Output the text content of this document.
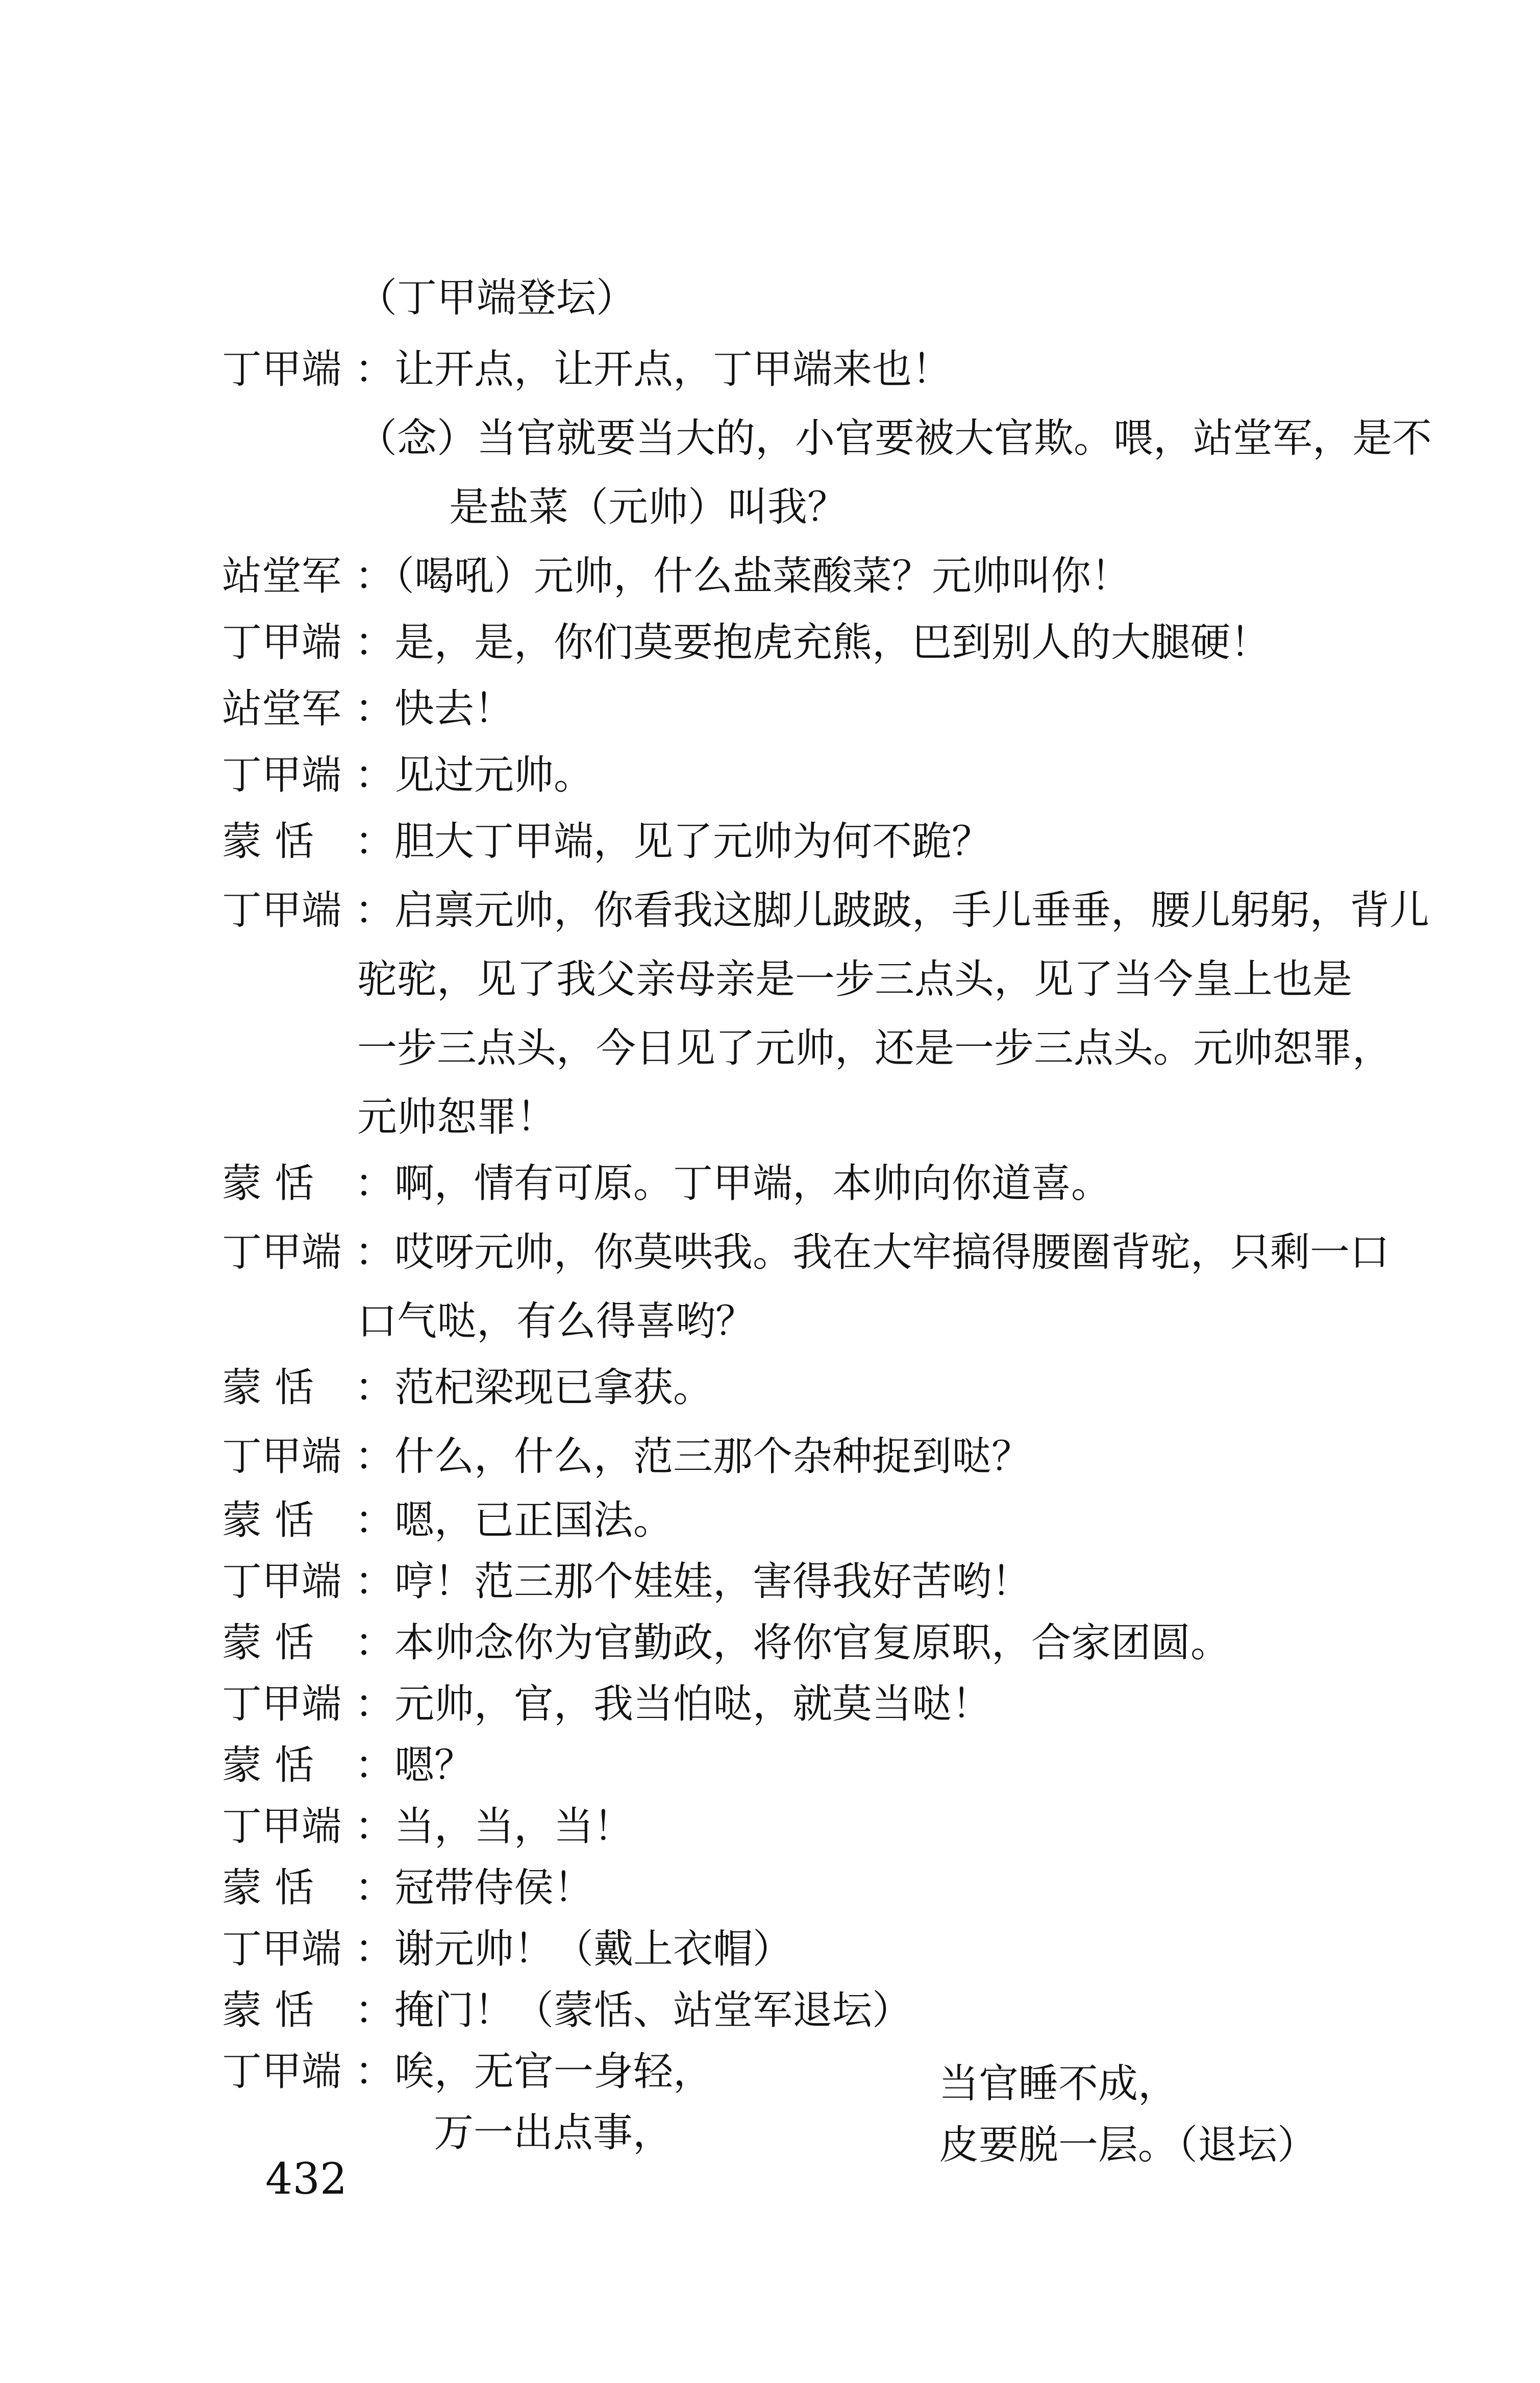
（丁甲端登坛）
丁甲端 ：让开点，让开点，丁甲端来也！
（念）当官就要当大的，小官要被大官欺。喂，站堂军，是不
是盐菜（元帅）叫我？
站堂军 ：（喝吼）元帅，什么盐菜酸菜？元帅叫你！
丁甲端 ：是，是，你们莫要抱虎充熊，巴到别人的大腿硬！
站堂军 ：快去！
丁甲端 ：见过元帅。
蒙 恬 ：胆大丁甲端，见了元帅为何不跪？
丁甲端 ：启禀元帅，你看我这脚儿跛跛，手儿垂垂，腰儿躬躬，背儿
驼驼，见了我父亲母亲是一步三点头，见了当今皇上也是
一步三点头，今日见了元帅，还是一步三点头。元帅恕罪，
元帅恕罪！
蒙 恬 ：啊，情有可原。丁甲端，本帅向你道喜。
丁甲端 ：哎呀元帅，你莫哄我。我在大牢搞得腰圈背驼，只剩一口
口气哒，有么得喜哟？
蒙 恬 ：范杞梁现已拿获。
丁甲端 ：什么，什么，范三那个杂种捉到哒？
蒙 恬 ：嗯，已正国法。
丁甲端 ：哼！范三那个娃娃，害得我好苦哟！
蒙 恬 ：本帅念你为官勤政，将你官复原职，合家团圆。
丁甲端 ：元帅，官，我当怕哒，就莫当哒！
蒙 恬 ：嗯？
丁甲端 ：当，当，当！
蒙 恬 ：冠带侍侯！
丁甲端 ：谢元帅！（戴上衣帽）
蒙 恬 ：掩门！（蒙恬、站堂军退坛）
丁甲端 ：唉，无官一身轻，	当官睡不成，
万一出点事，	皮要脱一层。（退坛）
432
